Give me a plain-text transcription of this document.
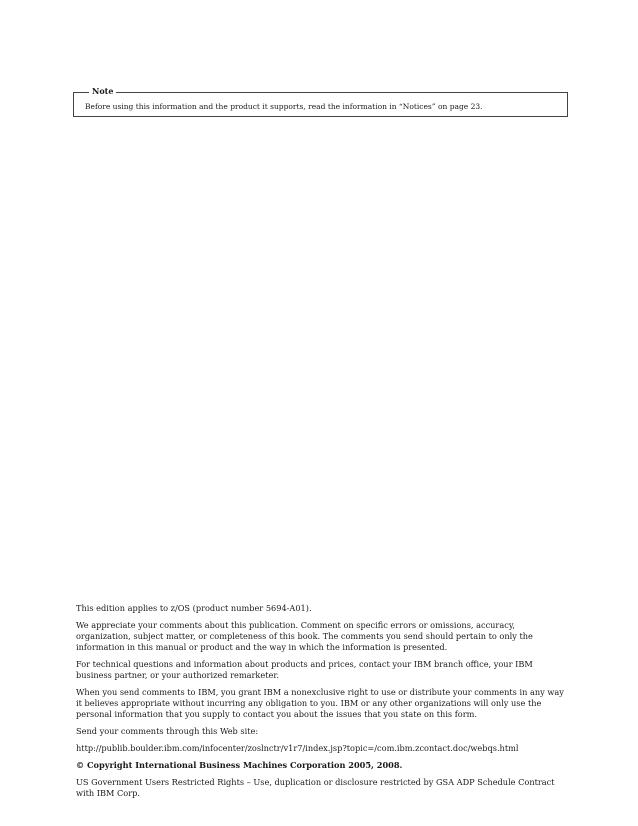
Note
Before using this information and the product it supports, read the information in “Notices” on page 23.

This edition applies to z/OS (product number 5694-A01).

We appreciate your comments about this publication. Comment on specific errors or omissions, accuracy, organization, subject matter, or completeness of this book. The comments you send should pertain to only the information in this manual or product and the way in which the information is presented.

For technical questions and information about products and prices, contact your IBM branch office, your IBM business partner, or your authorized remarketer.

When you send comments to IBM, you grant IBM a nonexclusive right to use or distribute your comments in any way it believes appropriate without incurring any obligation to you. IBM or any other organizations will only use the personal information that you supply to contact you about the issues that you state on this form.

Send your comments through this Web site:

http://publib.boulder.ibm.com/infocenter/zoslnctr/v1r7/index.jsp?topic=/com.ibm.zcontact.doc/webqs.html

© Copyright International Business Machines Corporation 2005, 2008.

US Government Users Restricted Rights – Use, duplication or disclosure restricted by GSA ADP Schedule Contract with IBM Corp.
